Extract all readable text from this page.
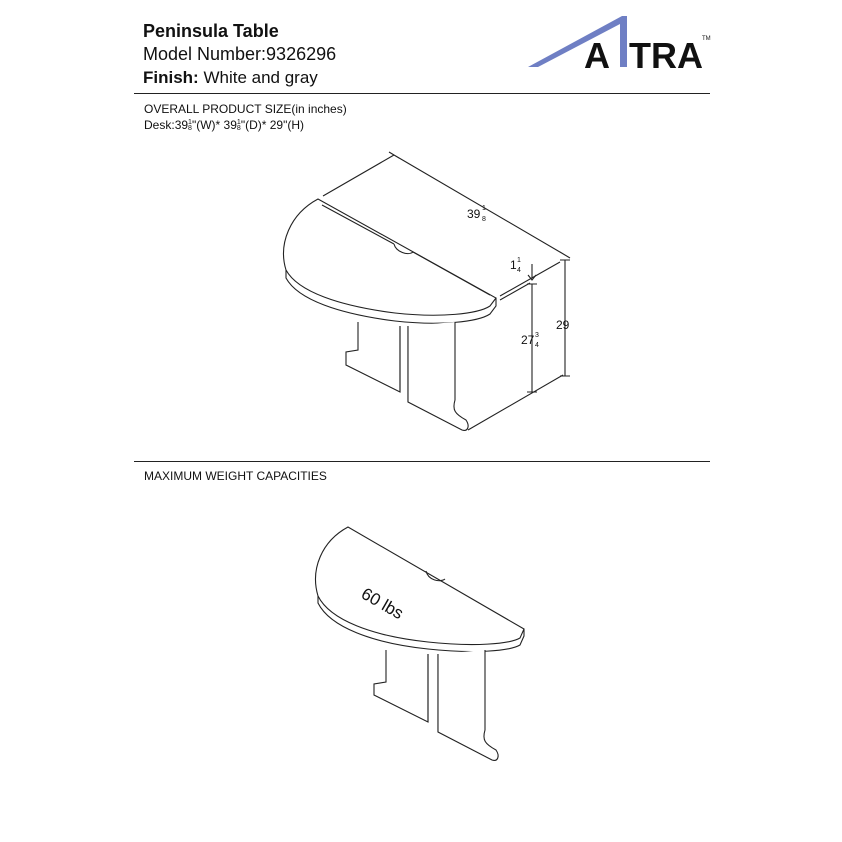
Peninsula Table
Model Number:9326296
Finish: White and gray
A TRA TM
OVERALL PRODUCT SIZE(in inches)
Desk:391
8"(W)* 391
8"(D)* 29"(H)
MAXIMUM WEIGHT CAPACITIES
39 1
8
1 1
4
27 3
4
29
60 lbs
